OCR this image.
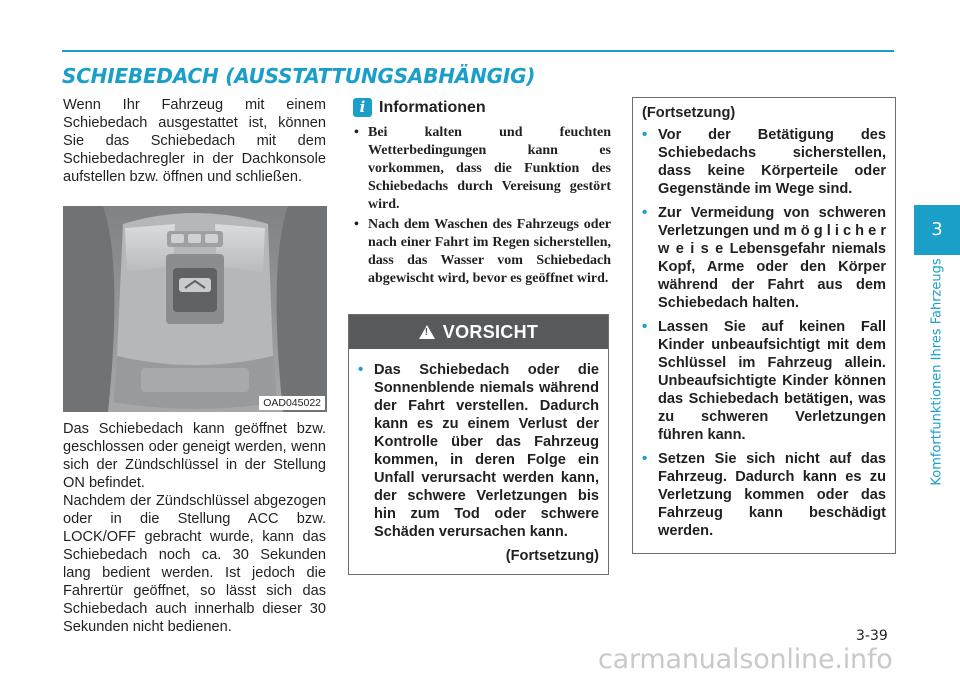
SCHIEBEDACH (AUSSTATTUNGSABHÄNGIG)

Wenn Ihr Fahrzeug mit einem Schiebedach ausgestattet ist, können Sie das Schiebedach mit dem Schiebedachregler in der Dachkonsole aufstellen bzw. öffnen und schließen.

OAD045022

Das Schiebedach kann geöffnet bzw. geschlossen oder geneigt werden, wenn sich der Zündschlüssel in der Stellung ON befindet.

Nachdem der Zündschlüssel abgezogen oder in die Stellung ACC bzw. LOCK/OFF gebracht wurde, kann das Schiebedach noch ca. 30 Sekunden lang bedient werden. Ist jedoch die Fahrertür geöffnet, so lässt sich das Schiebedach auch innerhalb dieser 30 Sekunden nicht bedienen.

i Informationen
• Bei kalten und feuchten Wetterbedingungen kann es vorkommen, dass die Funktion des Schiebedachs durch Vereisung gestört wird.
• Nach dem Waschen des Fahrzeugs oder nach einer Fahrt im Regen sicherstellen, dass das Wasser vom Schiebedach abgewischt wird, bevor es geöffnet wird.
! VORSICHT
• Das Schiebedach oder die Sonnenblende niemals während der Fahrt verstellen. Dadurch kann es zu einem Verlust der Kontrolle über das Fahrzeug kommen, in deren Folge ein Unfall verursacht werden kann, der schwere Verletzungen bis hin zum Tod oder schwere Schäden verursachen kann.

(Fortsetzung)

(Fortsetzung)

• Vor der Betätigung des Schiebedachs sicherstellen, dass keine Körperteile oder Gegenstände im Wege sind.
• Zur Vermeidung von schweren Verletzungen und m ö g l i c h e r w e i s e Lebensgefahr niemals Kopf, Arme oder den Körper während der Fahrt aus dem Schiebedach halten.
• Lassen Sie auf keinen Fall Kinder unbeaufsichtigt mit dem Schlüssel im Fahrzeug allein. Unbeaufsichtigte Kinder können das Schiebedach betätigen, was zu schweren Verletzungen führen kann.
• Setzen Sie sich nicht auf das Fahrzeug. Dadurch kann es zu Verletzung kommen oder das Fahrzeug kann beschädigt werden.
3
Komfortfunktionen Ihres Fahrzeugs
3-39
carmanualsonline.info
